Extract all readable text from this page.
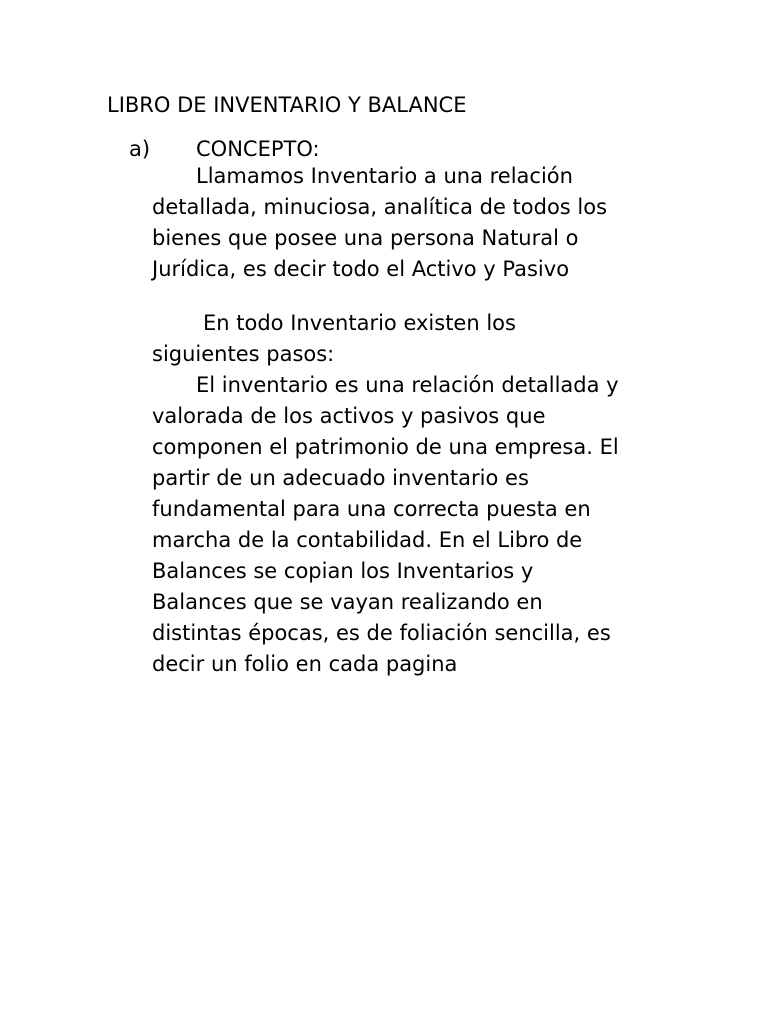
LIBRO DE INVENTARIO Y BALANCE
a) CONCEPTO:
Llamamos Inventario a una relación
detallada, minuciosa, analítica de todos los
bienes que posee una persona Natural o
Jurídica, es decir todo el Activo y Pasivo
En todo Inventario existen los
siguientes pasos:
El inventario es una relación detallada y
valorada de los activos y pasivos que
componen el patrimonio de una empresa. El
partir de un adecuado inventario es
fundamental para una correcta puesta en
marcha de la contabilidad. En el Libro de
Balances se copian los Inventarios y
Balances que se vayan realizando en
distintas épocas, es de foliación sencilla, es
decir un folio en cada pagina
